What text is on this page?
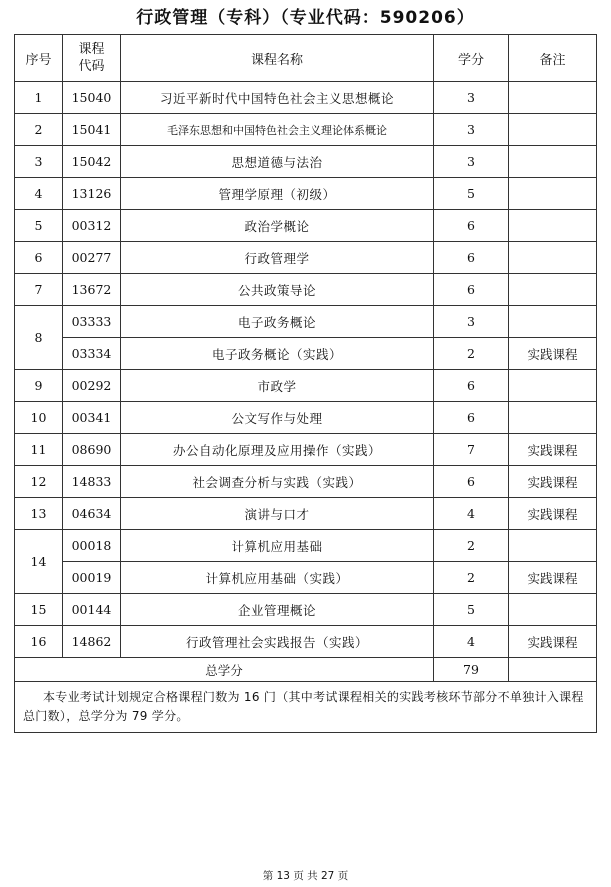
行政管理（专科）（专业代码：590206）
序号	课程代码	课程名称	学分	备注
1	15040	习近平新时代中国特色社会主义思想概论	3	
2	15041	毛泽东思想和中国特色社会主义理论体系概论	3	
3	15042	思想道德与法治	3	
4	13126	管理学原理（初级）	5	
5	00312	政治学概论	6	
6	00277	行政管理学	6	
7	13672	公共政策导论	6	
8	03333	电子政务概论	3	
	03334	电子政务概论（实践）	2	实践课程
9	00292	市政学	6	
10	00341	公文写作与处理	6	
11	08690	办公自动化原理及应用操作（实践）	7	实践课程
12	14833	社会调查分析与实践（实践）	6	实践课程
13	04634	演讲与口才	4	实践课程
14	00018	计算机应用基础	2	
	00019	计算机应用基础（实践）	2	实践课程
15	00144	企业管理概论	5	
16	14862	行政管理社会实践报告（实践）	4	实践课程
总学分			79	
本专业考试计划规定合格课程门数为 16 门（其中考试课程相关的实践考核环节部分不单独计入课程总门数），总学分为 79 学分。				
第 13 页 共 27 页
